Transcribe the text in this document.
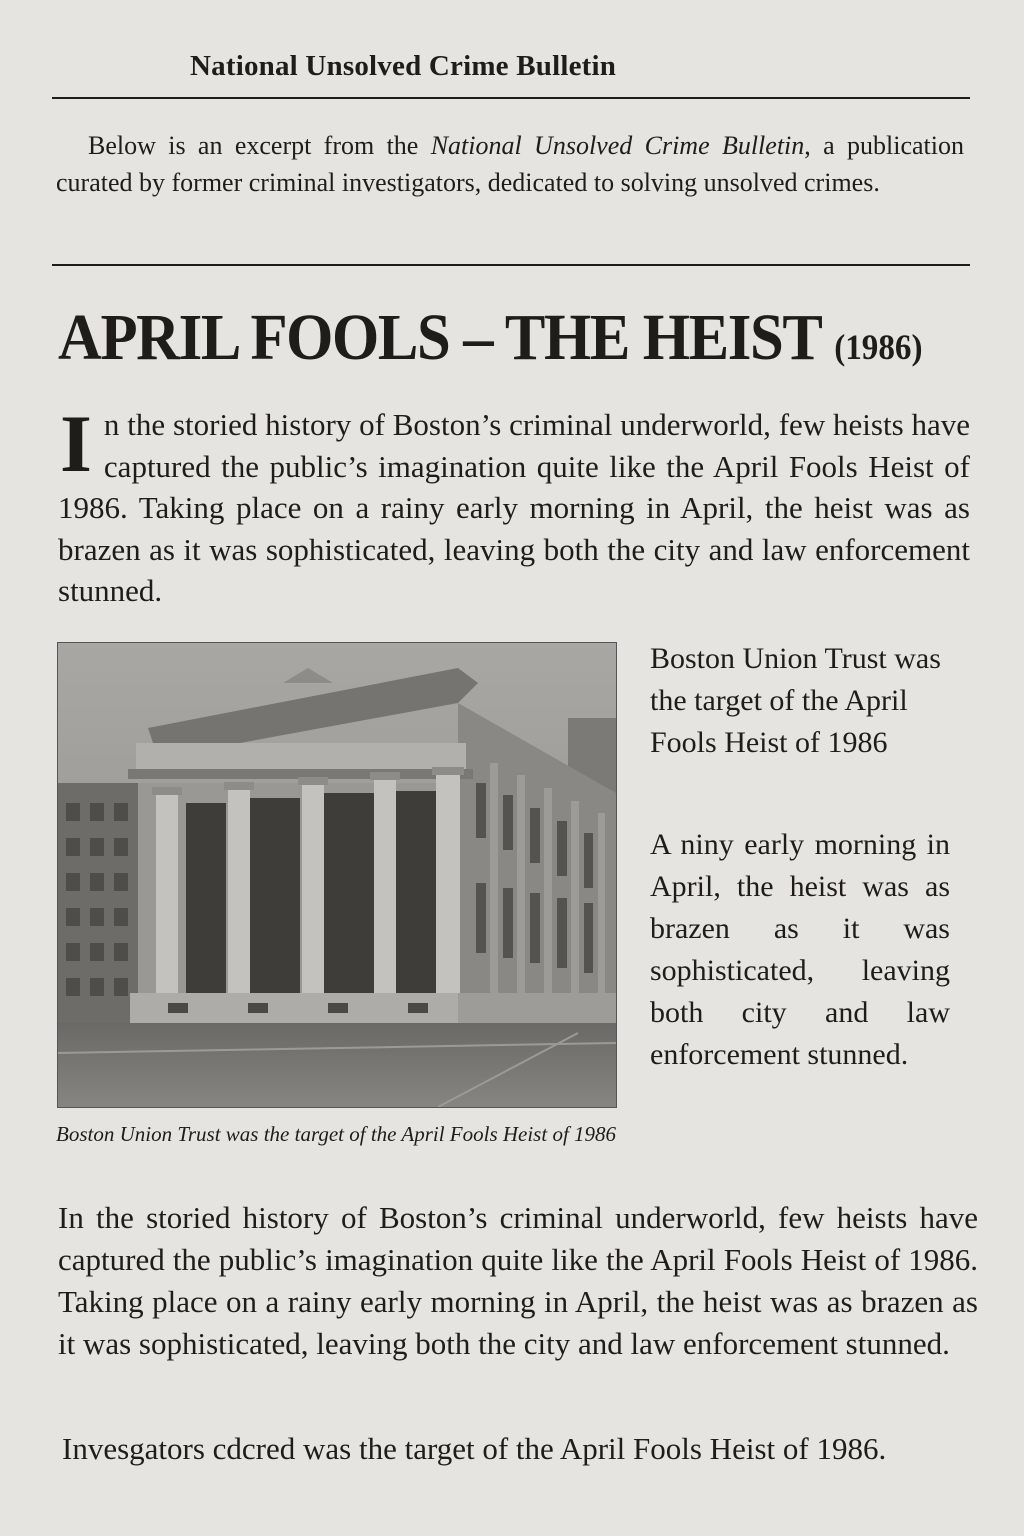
National Unsolved Crime Bulletin
Below is an excerpt from the National Unsolved Crime Bulletin, a publication curated by former criminal investigators, dedicated to solving unsolved crimes.
APRIL FOOLS – THE HEIST (1986)
In the storied history of Boston’s criminal underworld, few heists have captured the public’s imagination quite like the April Fools Heist of 1986. Taking place on a rainy early morning in April, the heist was as brazen as it was sophisticated, leaving both the city and law enforcement stunned.
Boston Union Trust was the target of the April Fools Heist of 1986
Boston Union Trust was the target of the April Fools Heist of 1986
A niny early morning in April, the heist was as brazen as it was sophisticated, leaving both city and law enforcement stunned.
In the storied history of Boston’s criminal underworld, few heists have captured the public’s imagination quite like the April Fools Heist of 1986. Taking place on a rainy early morning in April, the heist was as brazen as it was sophisticated, leaving both the city and law enforcement stunned.
Invesgators cdcred was the target of the April Fools Heist of 1986.
